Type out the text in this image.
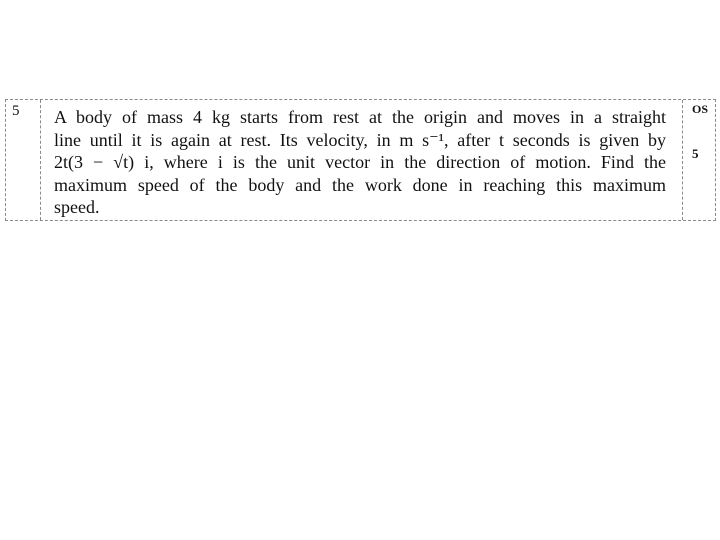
5 A body of mass 4 kg starts from rest at the origin and moves in a straight
line until it is again at rest. Its velocity, in m s⁻¹, after t seconds is given by
2t(3 − √t) i, where i is the unit vector in the direction of motion. Find the
maximum speed of the body and the work done in reaching this maximum
speed.
OS
5
